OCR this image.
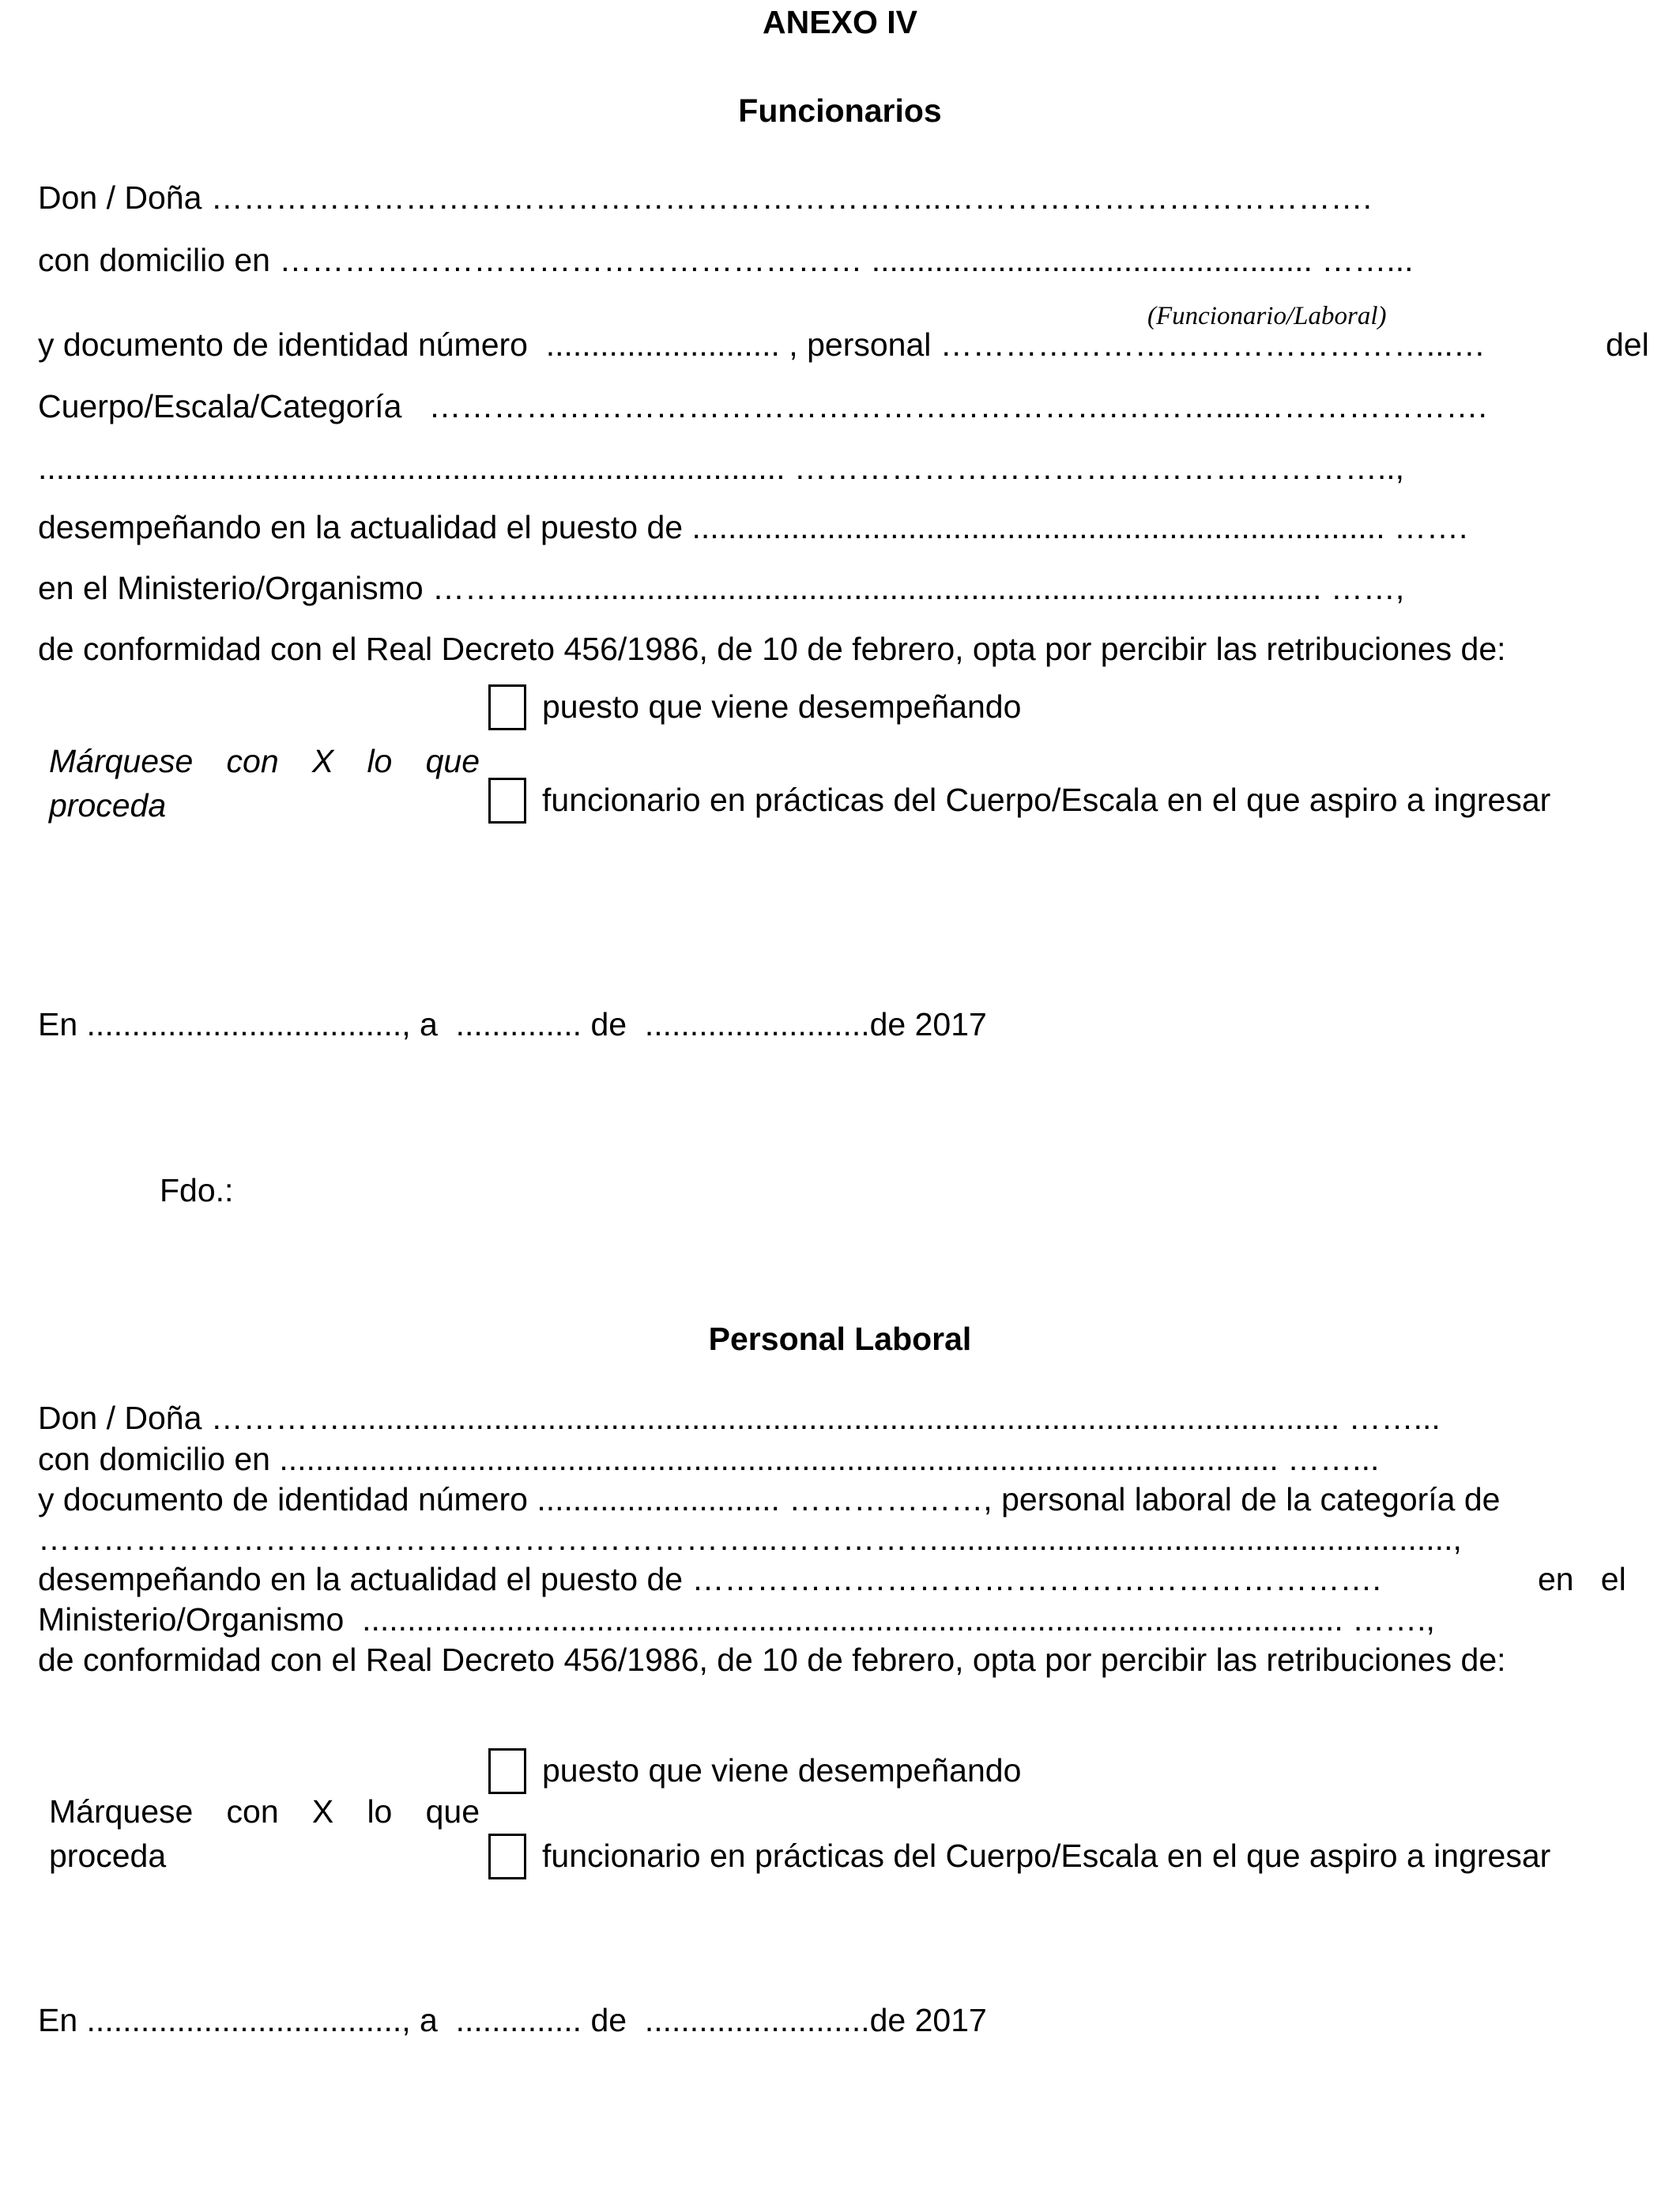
ANEXO IV
Funcionarios
Don / Doña …………………………………………………………..………………………………….
con domicilio en ……………………………………………… ................................................. ……...
(Funcionario/Laboral)
y documento de identidad número  .......................... , personal ………………………………………...…	del
Cuerpo/Escala/Categoría   ……………………………………………………….………....………………….
................................................................................... ………………………………………………..,
desempeñando en la actualidad el puesto de ............................................................................. …….
en el Ministerio/Organismo ………........................................................................................ ……,
de conformidad con el Real Decreto 456/1986, de 10 de febrero, opta por percibir las retribuciones de:
Márquese con X lo que
proceda
puesto que viene desempeñando
funcionario en prácticas del Cuerpo/Escala en el que aspiro a ingresar
En ..................................., a  .............. de  .........................de 2017
Fdo.:
Personal Laboral
Don / Doña …………............................................................................................................... ……...
con domicilio en ............................................................................................................... ……...
y documento de identidad número ........................... ………………, personal laboral de la categoría de
…………………………………………………………...…………….........................................................,
desempeñando en la actualidad el puesto de ……………………………………………………….	en   el
Ministerio/Organismo  ............................................................................................................. …….,
de conformidad con el Real Decreto 456/1986, de 10 de febrero, opta por percibir las retribuciones de:
Márquese con X lo que
proceda
puesto que viene desempeñando
funcionario en prácticas del Cuerpo/Escala en el que aspiro a ingresar
En ..................................., a  .............. de  .........................de 2017
